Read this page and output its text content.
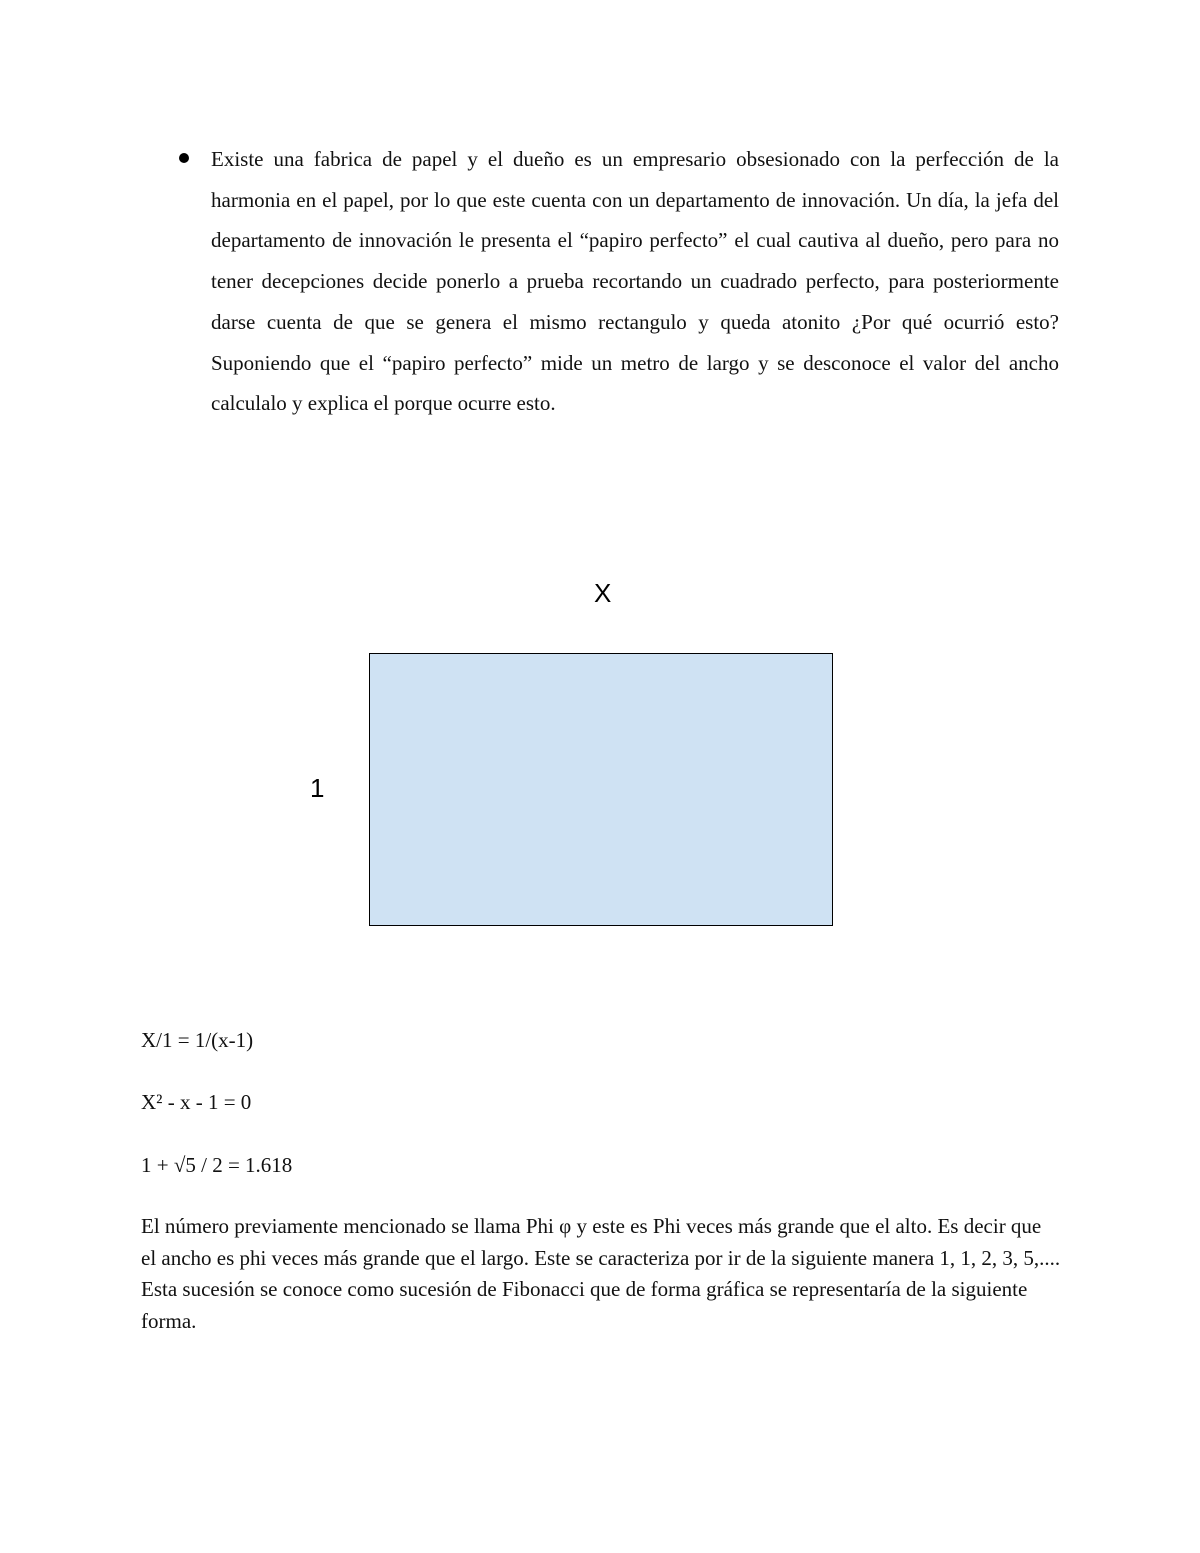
Existe una fabrica de papel y el dueño es un empresario obsesionado con la perfección de la harmonia en el papel, por lo que este cuenta con un departamento de innovación. Un día, la jefa del departamento de innovación le presenta el “papiro perfecto” el cual cautiva al dueño, pero para no tener decepciones decide ponerlo a prueba recortando un cuadrado perfecto, para posteriormente darse cuenta de que se genera el mismo rectangulo y queda atonito ¿Por qué ocurrió esto? Suponiendo que el “papiro perfecto” mide un metro de largo y se desconoce el valor del ancho calculalo y explica el porque ocurre esto.

X
1
X/1 = 1/(x-1)
X² - x - 1 = 0
1 + √5 / 2 = 1.618

El número previamente mencionado se llama Phi φ y este es Phi veces más grande que el alto. Es decir que el ancho es phi veces más grande que el largo. Este se caracteriza por ir de la siguiente manera 1, 1, 2, 3, 5,.... Esta sucesión se conoce como sucesión de Fibonacci que de forma gráfica se representaría de la siguiente forma.
